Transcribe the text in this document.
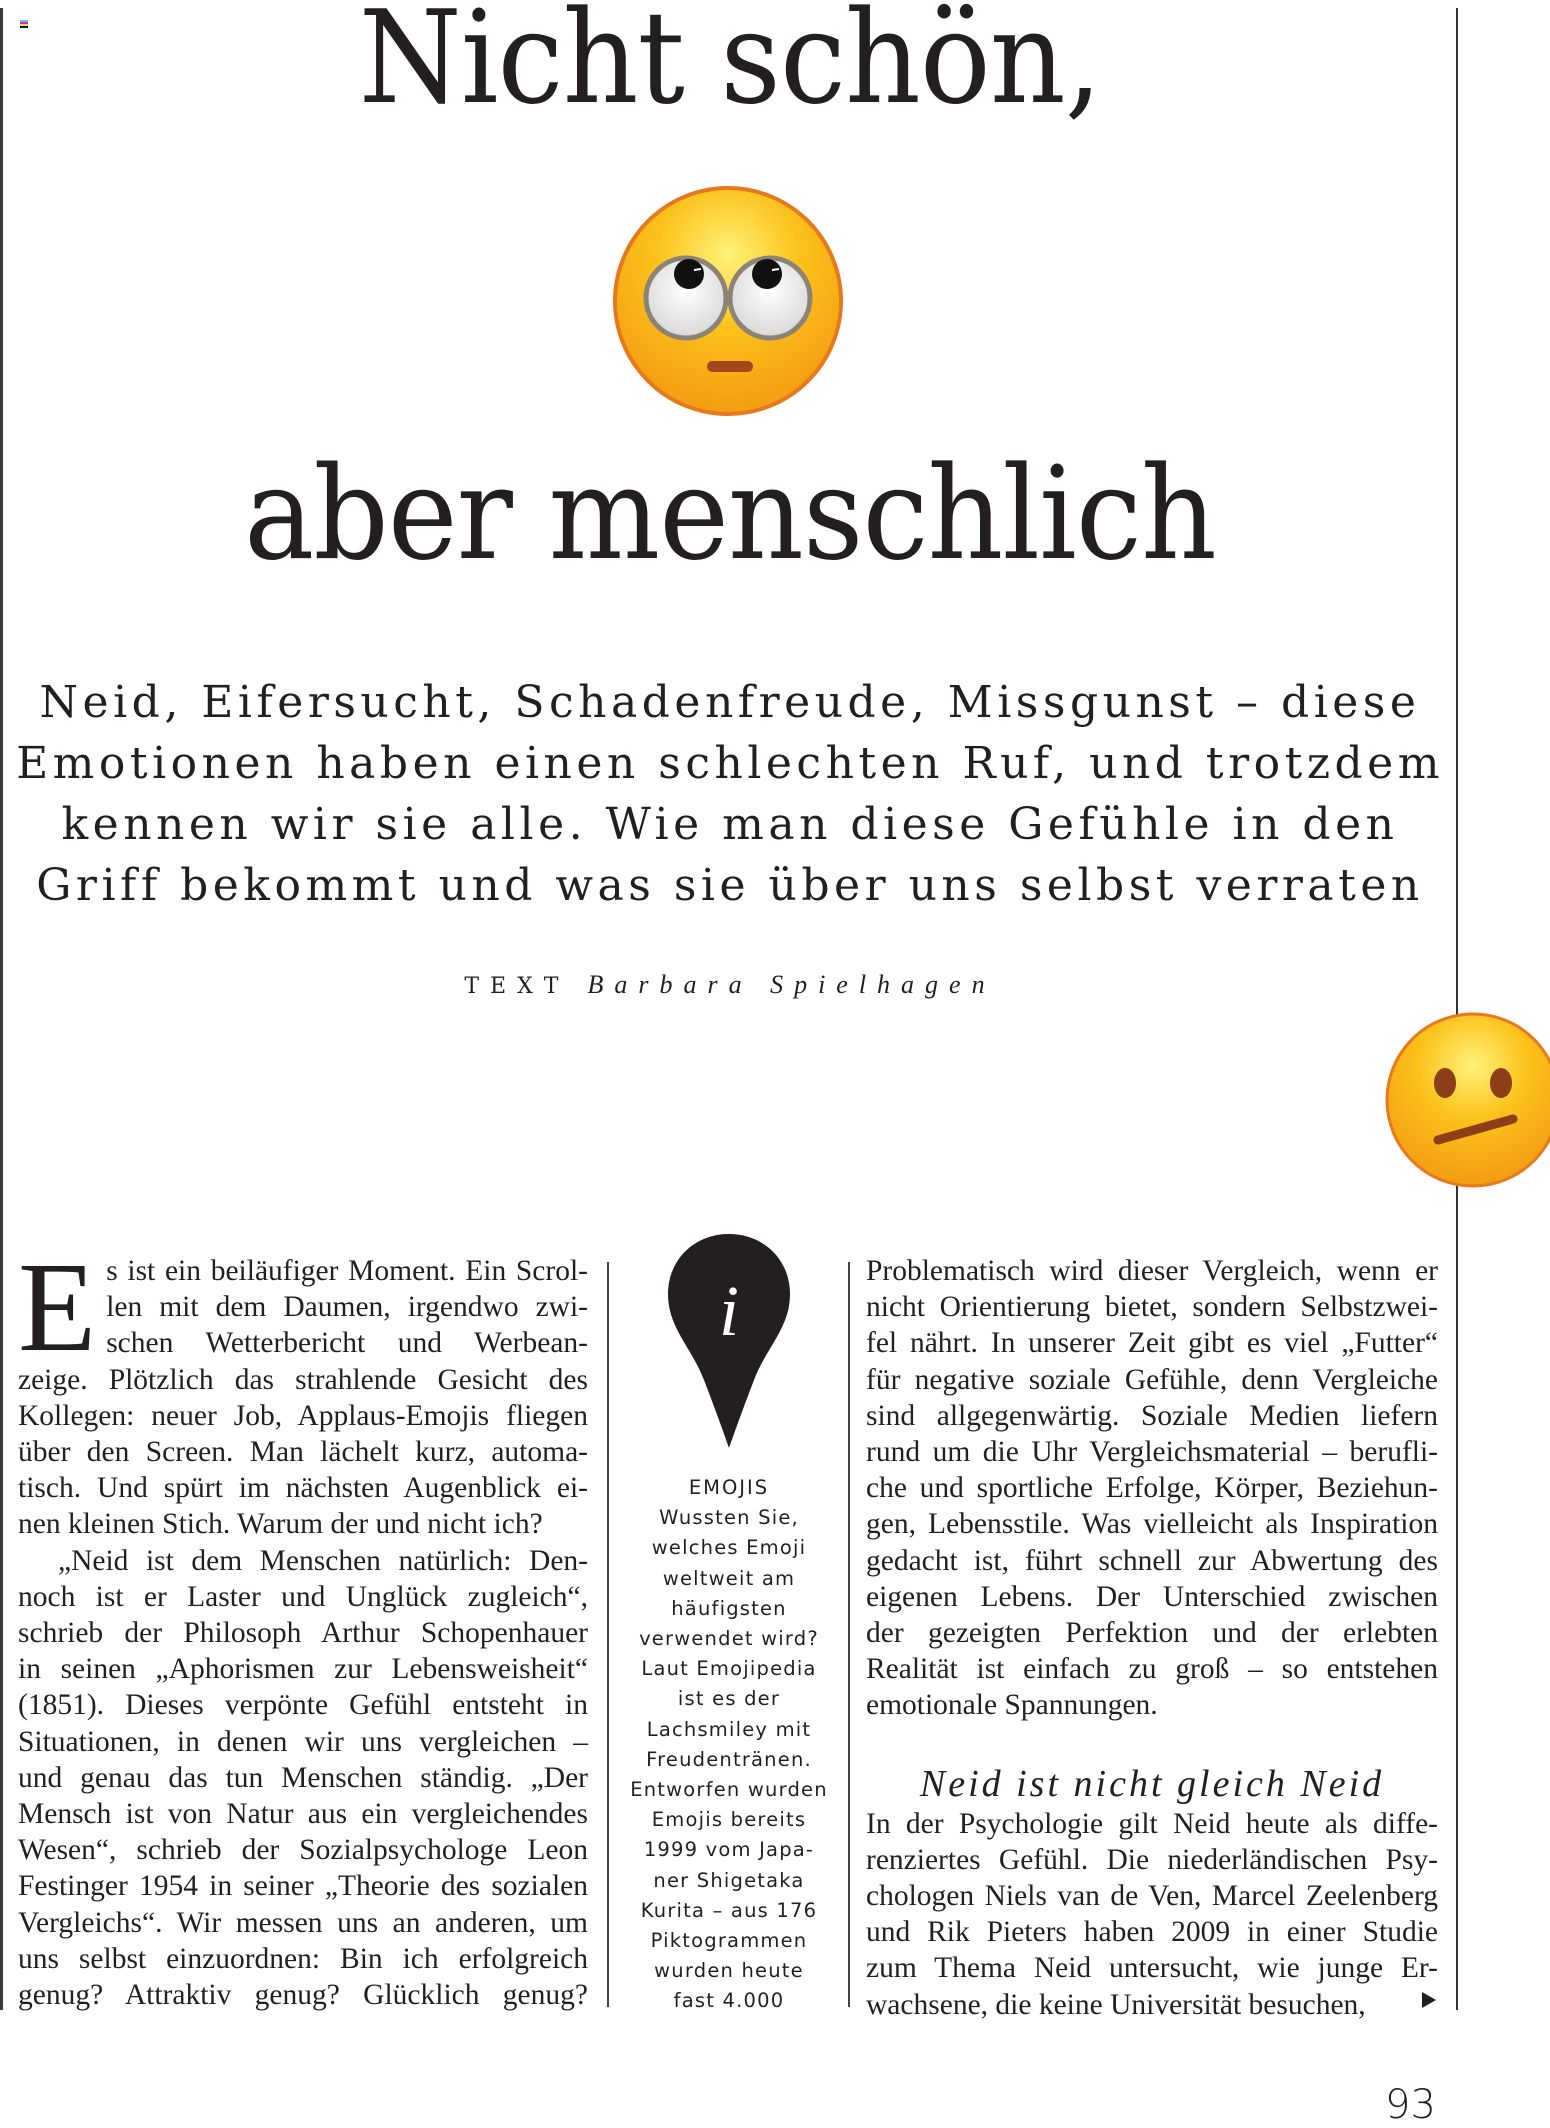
Nicht schön,
aber menschlich
Neid, Eifersucht, Schadenfreude, Missgunst – diese
Emotionen haben einen schlechten Ruf, und trotzdem
kennen wir sie alle. Wie man diese Gefühle in den
Griff bekommt und was sie über uns selbst verraten
TEXT Barbara Spielhagen
E s ist ein beiläufiger Moment. Ein Scrol-
len mit dem Daumen, irgendwo zwi-
schen Wetterbericht und Werbean-
zeige. Plötzlich das strahlende Gesicht des
Kollegen: neuer Job, Applaus-Emojis fliegen
über den Screen. Man lächelt kurz, automa-
tisch. Und spürt im nächsten Augenblick ei-
nen kleinen Stich. Warum der und nicht ich?
„Neid ist dem Menschen natürlich: Den-
noch ist er Laster und Unglück zugleich“,
schrieb der Philosoph Arthur Schopenhauer
in seinen „Aphorismen zur Lebensweisheit“
(1851). Dieses verpönte Gefühl entsteht in
Situationen, in denen wir uns vergleichen –
und genau das tun Menschen ständig. „Der
Mensch ist von Natur aus ein vergleichendes
Wesen“, schrieb der Sozialpsychologe Leon
Festinger 1954 in seiner „Theorie des sozialen
Vergleichs“. Wir messen uns an anderen, um
uns selbst einzuordnen: Bin ich erfolgreich
genug? Attraktiv genug? Glücklich genug?
i
EMOJIS
Wussten Sie,
welches Emoji
weltweit am
häufigsten
verwendet wird?
Laut Emojipedia
ist es der
Lachsmiley mit
Freudentränen.
Entworfen wurden
Emojis bereits
1999 vom Japa-
ner Shigetaka
Kurita – aus 176
Piktogrammen
wurden heute
fast 4.000
Problematisch wird dieser Vergleich, wenn er
nicht Orientierung bietet, sondern Selbstzwei-
fel nährt. In unserer Zeit gibt es viel „Futter“
für negative soziale Gefühle, denn Vergleiche
sind allgegenwärtig. Soziale Medien liefern
rund um die Uhr Vergleichsmaterial – berufli-
che und sportliche Erfolge, Körper, Beziehun-
gen, Lebensstile. Was vielleicht als Inspiration
gedacht ist, führt schnell zur Abwertung des
eigenen Lebens. Der Unterschied zwischen
der gezeigten Perfektion und der erlebten
Realität ist einfach zu groß – so entstehen
emotionale Spannungen.
Neid ist nicht gleich Neid
In der Psychologie gilt Neid heute als diffe-
renziertes Gefühl. Die niederländischen Psy-
chologen Niels van de Ven, Marcel Zeelenberg
und Rik Pieters haben 2009 in einer Studie
zum Thema Neid untersucht, wie junge Er-
wachsene, die keine Universität besuchen,
93
